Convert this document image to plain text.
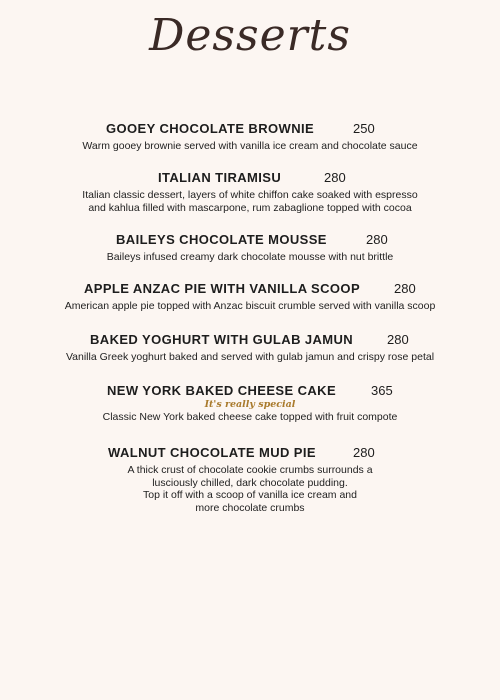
Desserts
GOOEY CHOCOLATE BROWNIE	250
Warm gooey brownie served with vanilla ice cream and chocolate sauce
ITALIAN TIRAMISU	280
Italian classic dessert, layers of white chiffon cake soaked with espresso
and kahlua filled with mascarpone, rum zabaglione topped with cocoa
BAILEYS CHOCOLATE MOUSSE	280
Baileys infused creamy dark chocolate mousse with nut brittle
APPLE ANZAC PIE WITH VANILLA SCOOP	280
American apple pie topped with Anzac biscuit crumble served with vanilla scoop
BAKED YOGHURT WITH GULAB JAMUN	280
Vanilla Greek yoghurt baked and served with gulab jamun and crispy rose petal
NEW YORK BAKED CHEESE CAKE	365
It's really special
Classic New York baked cheese cake topped with fruit compote
WALNUT CHOCOLATE MUD PIE	280
A thick crust of chocolate cookie crumbs surrounds a
lusciously chilled, dark chocolate pudding.
Top it off with a scoop of vanilla ice cream and
more chocolate crumbs
